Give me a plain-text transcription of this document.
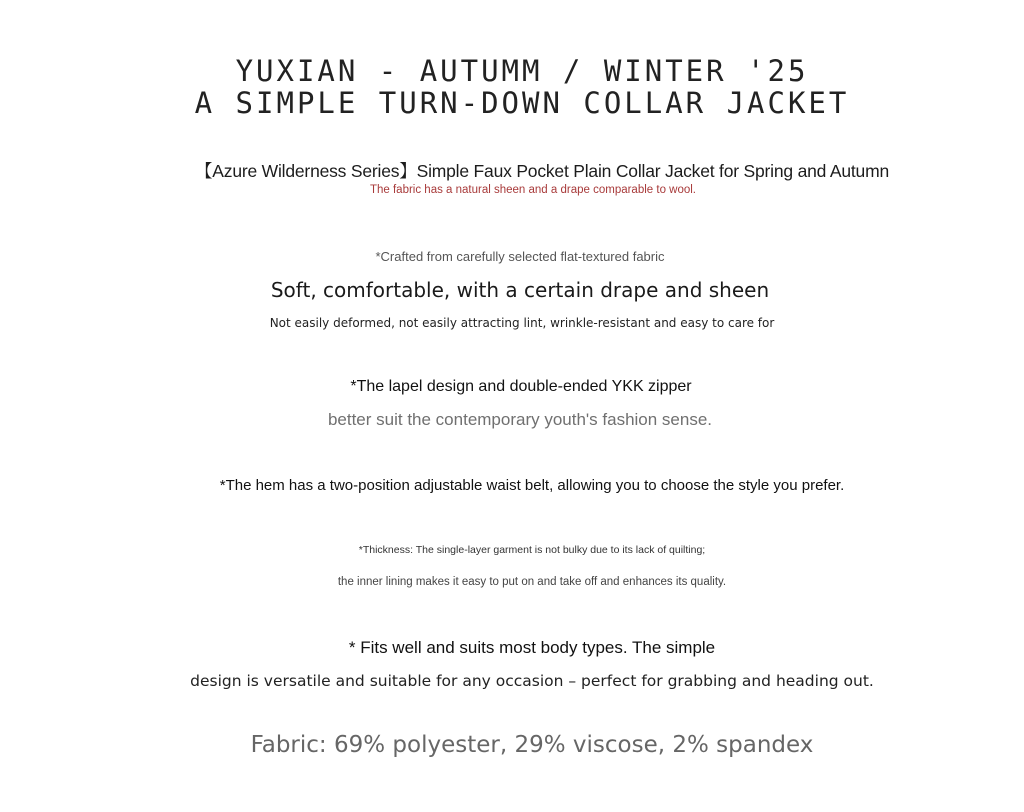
YUXIAN - AUTUMM / WINTER '25
A SIMPLE TURN-DOWN COLLAR JACKET

【Azure Wilderness Series】Simple Faux Pocket Plain Collar Jacket for Spring and Autumn

The fabric has a natural sheen and a drape comparable to wool.

*Crafted from carefully selected flat-textured fabric

Soft, comfortable, with a certain drape and sheen

Not easily deformed, not easily attracting lint, wrinkle-resistant and easy to care for

*The lapel design and double-ended YKK zipper

better suit the contemporary youth's fashion sense.

*The hem has a two-position adjustable waist belt, allowing you to choose the style you prefer.

*Thickness: The single-layer garment is not bulky due to its lack of quilting;

the inner lining makes it easy to put on and take off and enhances its quality.

* Fits well and suits most body types. The simple

design is versatile and suitable for any occasion – perfect for grabbing and heading out.

Fabric: 69% polyester, 29% viscose, 2% spandex
